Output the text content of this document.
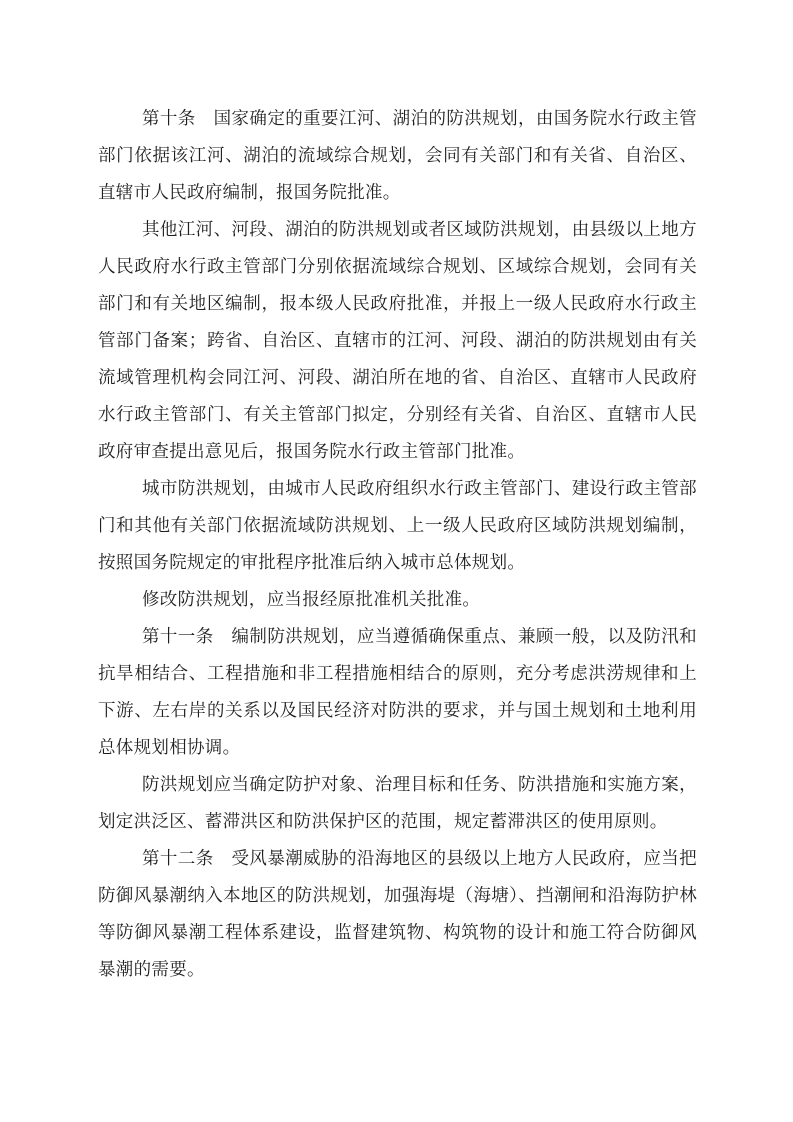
第十条　国家确定的重要江河、湖泊的防洪规划，由国务院水行政主管部门依据该江河、湖泊的流域综合规划，会同有关部门和有关省、自治区、直辖市人民政府编制，报国务院批准。

其他江河、河段、湖泊的防洪规划或者区域防洪规划，由县级以上地方人民政府水行政主管部门分别依据流域综合规划、区域综合规划，会同有关部门和有关地区编制，报本级人民政府批准，并报上一级人民政府水行政主管部门备案；跨省、自治区、直辖市的江河、河段、湖泊的防洪规划由有关流域管理机构会同江河、河段、湖泊所在地的省、自治区、直辖市人民政府水行政主管部门、有关主管部门拟定，分别经有关省、自治区、直辖市人民政府审查提出意见后，报国务院水行政主管部门批准。

城市防洪规划，由城市人民政府组织水行政主管部门、建设行政主管部门和其他有关部门依据流域防洪规划、上一级人民政府区域防洪规划编制，按照国务院规定的审批程序批准后纳入城市总体规划。

修改防洪规划，应当报经原批准机关批准。

第十一条　编制防洪规划，应当遵循确保重点、兼顾一般，以及防汛和抗旱相结合、工程措施和非工程措施相结合的原则，充分考虑洪涝规律和上下游、左右岸的关系以及国民经济对防洪的要求，并与国土规划和土地利用总体规划相协调。

防洪规划应当确定防护对象、治理目标和任务、防洪措施和实施方案，划定洪泛区、蓄滞洪区和防洪保护区的范围，规定蓄滞洪区的使用原则。

第十二条　受风暴潮威胁的沿海地区的县级以上地方人民政府，应当把防御风暴潮纳入本地区的防洪规划，加强海堤（海塘）、挡潮闸和沿海防护林等防御风暴潮工程体系建设，监督建筑物、构筑物的设计和施工符合防御风暴潮的需要。
